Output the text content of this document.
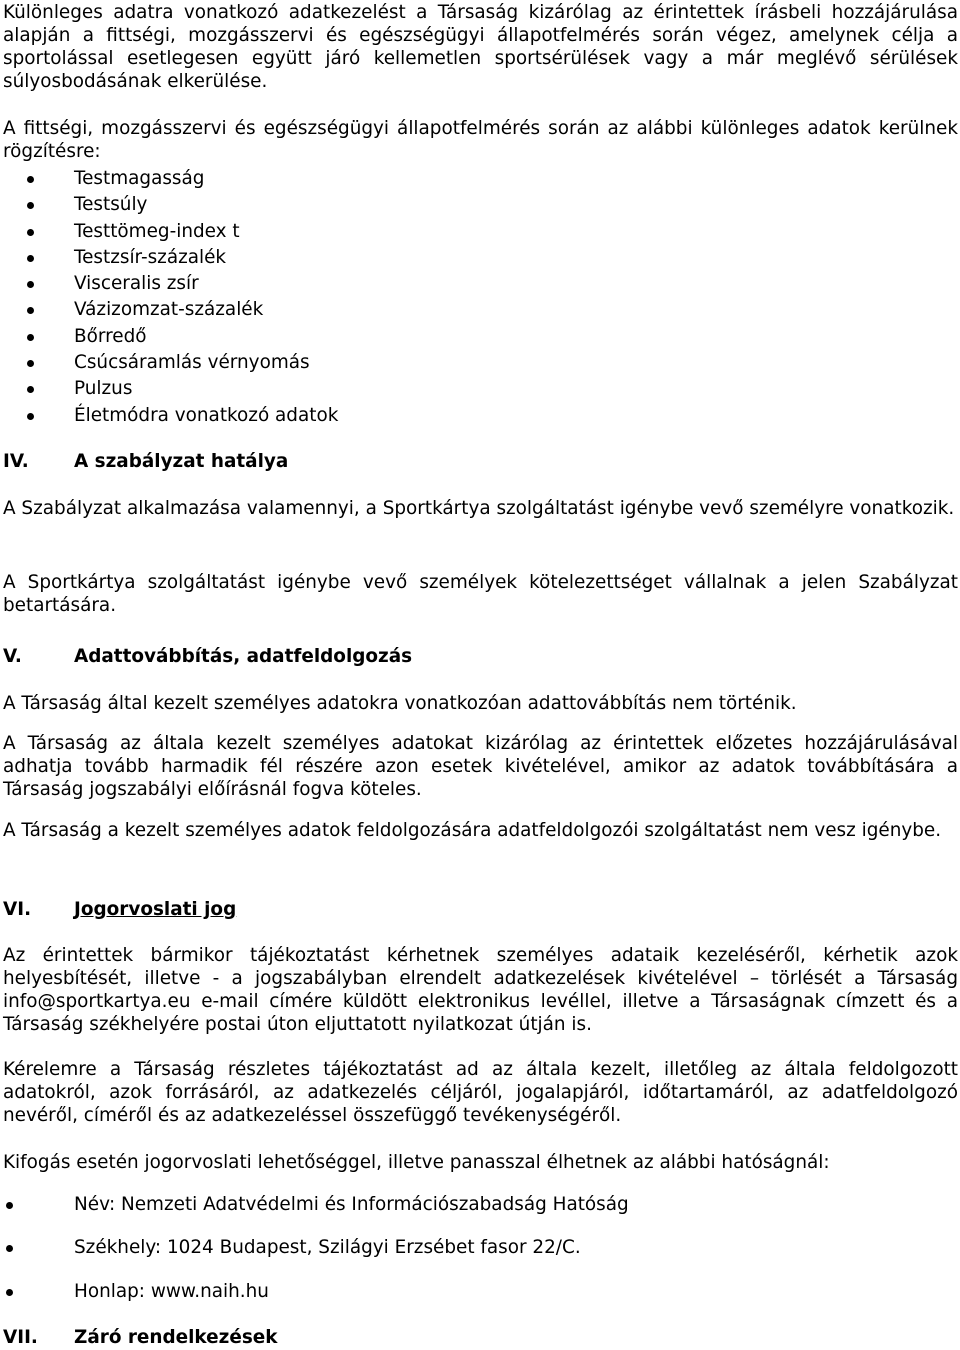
Különleges adatra vonatkozó adatkezelést a Társaság kizárólag az érintettek írásbeli hozzájárulása alapján a fittségi, mozgásszervi és egészségügyi állapotfelmérés során végez, amelynek célja a sportolással esetlegesen együtt járó kellemetlen sportsérülések vagy a már meglévő sérülések súlyosbodásának elkerülése.

A fittségi, mozgásszervi és egészségügyi állapotfelmérés során az alábbi különleges adatok kerülnek rögzítésre:

Testmagasság
Testsúly
Testtömeg-index t
Testzsír-százalék
Visceralis zsír
Vázizomzat-százalék
Bőrredő
Csúcsáramlás vérnyomás
Pulzus
Életmódra vonatkozó adatok
IV.	A szabályzat hatálya

A Szabályzat alkalmazása valamennyi, a Sportkártya szolgáltatást igénybe vevő személyre vonatkozik.

A Sportkártya szolgáltatást igénybe vevő személyek kötelezettséget vállalnak a jelen Szabályzat betartására.

V.	Adattovábbítás, adatfeldolgozás

A Társaság által kezelt személyes adatokra vonatkozóan adattovábbítás nem történik.

A Társaság az általa kezelt személyes adatokat kizárólag az érintettek előzetes hozzájárulásával adhatja tovább harmadik fél részére azon esetek kivételével, amikor az adatok továbbítására a Társaság jogszabályi előírásnál fogva köteles.

A Társaság a kezelt személyes adatok feldolgozására adatfeldolgozói szolgáltatást nem vesz igénybe.

VI.	Jogorvoslati jog

Az érintettek bármikor tájékoztatást kérhetnek személyes adataik kezeléséről, kérhetik azok helyesbítését, illetve - a jogszabályban elrendelt adatkezelések kivételével – törlését a Társaság info@sportkartya.eu e-mail címére küldött elektronikus levéllel, illetve a Társaságnak címzett és a Társaság székhelyére postai úton eljuttatott nyilatkozat útján is.

Kérelemre a Társaság részletes tájékoztatást ad az általa kezelt, illetőleg az általa feldolgozott adatokról, azok forrásáról, az adatkezelés céljáról, jogalapjáról, időtartamáról, az adatfeldolgozó nevéről, címéről és az adatkezeléssel összefüggő tevékenységéről.

Kifogás esetén jogorvoslati lehetőséggel, illetve panasszal élhetnek az alábbi hatóságnál:

Név: Nemzeti Adatvédelmi és Információszabadság Hatóság
Székhely: 1024 Budapest, Szilágyi Erzsébet fasor 22/C.
Honlap: www.naih.hu
VII.	Záró rendelkezések
